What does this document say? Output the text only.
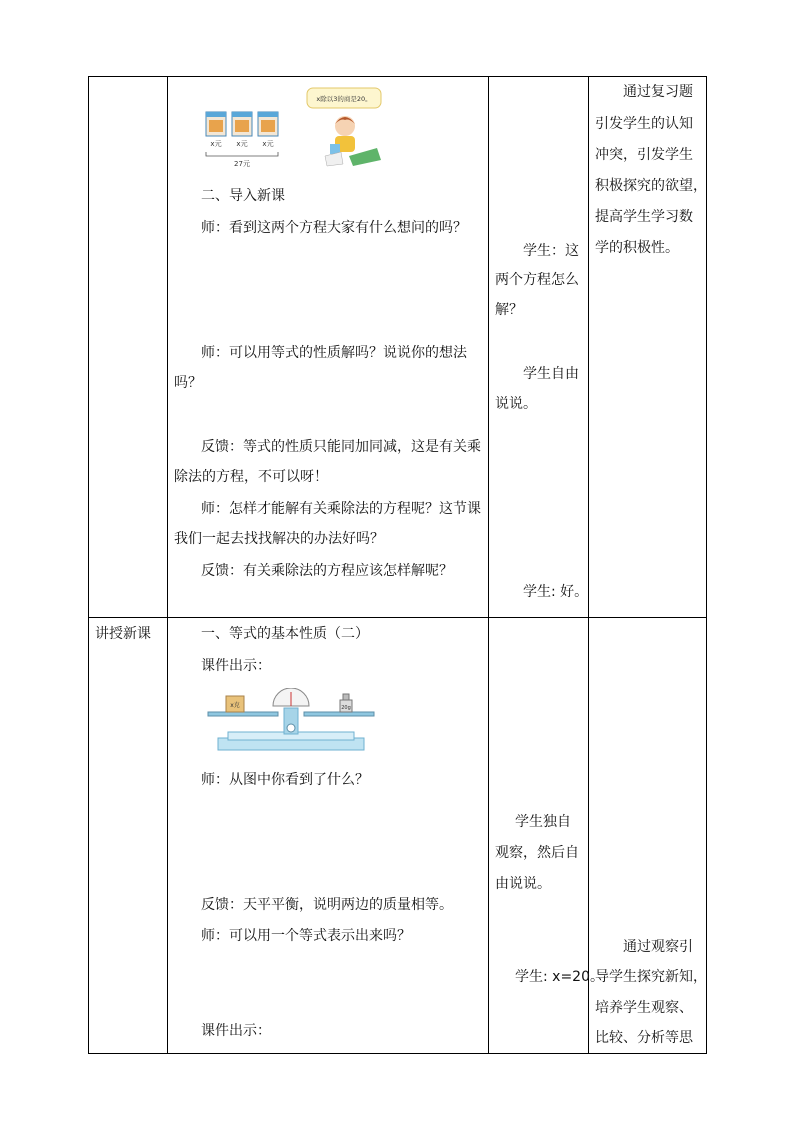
x元 x元 x元
27元
x除以3的商是20。
二、导入新课
师：看到这两个方程大家有什么想问的吗？
师：可以用等式的性质解吗？说说你的想法
吗？
反馈：等式的性质只能同加同减，这是有关乘
除法的方程，不可以呀！
师：怎样才能解有关乘除法的方程呢？这节课
我们一起去找找解决的办法好吗？
反馈：有关乘除法的方程应该怎样解呢？
学生：这
两个方程怎么
解？
学生自由
说说。
学生: 好。
通过复习题
引发学生的认知
冲突，引发学生
积极探究的欲望，
提高学生学习数
学的积极性。
讲授新课	一、等式的基本性质（二）
课件出示：
x克	20g
师：从图中你看到了什么？
反馈：天平平衡，说明两边的质量相等。
师：可以用一个等式表示出来吗？
课件出示：
学生独自
观察，然后自
由说说。
学生: x=20。
通过观察引
导学生探究新知，
培养学生观察、
比较、分析等思
